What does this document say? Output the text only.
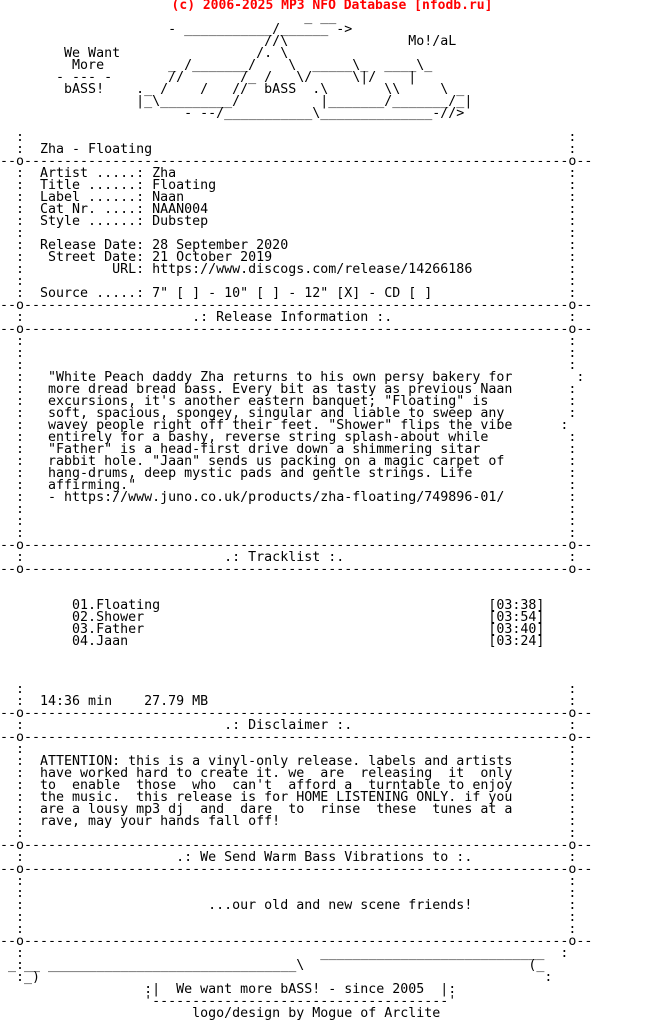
(c) 2006-2025 MP3 NFO Database [nfodb.ru]
_ __
- ___________/______ ->
//\               Mo!/aL
We Want                 /. \
More        _ /_______/    \  _____\_  ____\_
- --- -       //       /_ /   \/     \|/    |
bASS!    ._ /    /   //  bASS  .\       \\     \ _
|_\_________/          |_______/_______/_|
- --/___________\______________-//>
:                                                                    :
:  Zha - Floating                                                    :
--o--------------------------------------------------------------------o--
:  Artist .....: Zha                                                 :
:  Title ......: Floating                                            :
:  Label ......: Naan                                                :
:  Cat Nr. ....: NAAN004                                             :
:  Style ......: Dubstep                                             :
:                                                                    :
:  Release Date: 28 September 2020                                   :
:   Street Date: 21 October 2019                                     :
:           URL: https://www.discogs.com/release/14266186            :
:                                                                    :
:  Source .....: 7" [ ] - 10" [ ] - 12" [X] - CD [ ]                 :
--o--------------------------------------------------------------------o--
:                     .: Release Information :.                      :
--o--------------------------------------------------------------------o--
:                                                                    :
:                                                                    :
:                                                                    :
:   "White Peach daddy Zha returns to his own persy bakery for        :
:   more dread bread bass. Every bit as tasty as previous Naan       :
:   excursions, it's another eastern banquet; "Floating" is          :
:   soft, spacious, spongey, singular and liable to sweep any        :
:   wavey people right off their feet. "Shower" flips the vibe      :
:   entirely for a bashy, reverse string splash-about while          :
:   "Father" is a head-first drive down a shimmering sitar           :
:   rabbit hole. "Jaan" sends us packing on a magic carpet of        :
:   hang-drums, deep mystic pads and gentle strings. Life            :
:   affirming."                                                      :
:   - https://www.juno.co.uk/products/zha-floating/749896-01/        :
:                                                                    :
:                                                                    :
:                                                                    :
--o--------------------------------------------------------------------o--
:                         .: Tracklist :.                            :
--o--------------------------------------------------------------------o--
01.Floating                                         [03:38]
02.Shower                                           [03:54]
03.Father                                           [03:40]
04.Jaan                                             [03:24]
:                                                                    :
:  14:36 min    27.79 MB                                             :
--o--------------------------------------------------------------------o--
:                         .: Disclaimer :.                           :
--o--------------------------------------------------------------------o--
:                                                                    :
:  ATTENTION: this is a vinyl-only release. labels and artists       :
:  have worked hard to create it. we  are  releasing  it  only       :
:  to  enable  those  who  can't  afford a  turntable to enjoy       :
:  the music.  this release is for HOME LISTENING ONLY. if you       :
:  are a lousy mp3 dj  and  dare  to  rinse  these  tunes at a       :
:  rave, may your hands fall off!                                    :
:                                                                    :
--o--------------------------------------------------------------------o--
:                   .: We Send Warm Bass Vibrations to :.            :
--o--------------------------------------------------------------------o--
:                                                                    :
:                                                                    :
:                       ...our old and new scene friends!            :
:                                                                    :
:                                                                    :
--o--------------------------------------------------------------------o--
:                                     ____________________________  :
_:__ _______________________________\                            (_
:_)                                                               :
:|  We want more bASS! - since 2005  |:
'-------------------------------------'
logo/design by Mogue of Arclite
